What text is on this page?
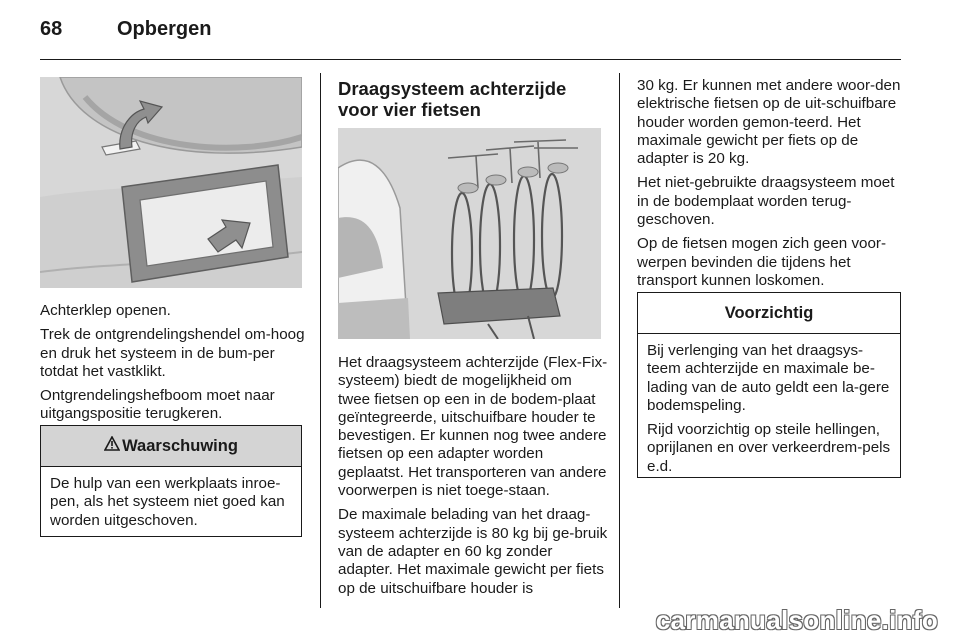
68	Opbergen

Achterklep openen.

Trek de ontgrendelingshendel om-hoog en druk het systeem in de bum-per totdat het vastklikt.

Ontgrendelingshefboom moet naar uitgangspositie terugkeren.

Waarschuwing

De hulp van een werkplaats inroe-pen, als het systeem niet goed kan worden uitgeschoven.

Draagsysteem achterzijde voor vier fietsen

Het draagsysteem achterzijde (Flex-Fix-systeem) biedt de mogelijkheid om twee fietsen op een in de bodem-plaat geïntegreerde, uitschuifbare houder te bevestigen. Er kunnen nog twee andere fietsen op een adapter worden geplaatst. Het transporteren van andere voorwerpen is niet toege-staan.

De maximale belading van het draag-systeem achterzijde is 80 kg bij ge-bruik van de adapter en 60 kg zonder adapter. Het maximale gewicht per fiets op de uitschuifbare houder is

30 kg. Er kunnen met andere woor-den elektrische fietsen op de uit-schuifbare houder worden gemon-teerd. Het maximale gewicht per fiets op de adapter is 20 kg.

Het niet-gebruikte draagsysteem moet in de bodemplaat worden terug-geschoven.

Op de fietsen mogen zich geen voor-werpen bevinden die tijdens het transport kunnen loskomen.

Voorzichtig

Bij verlenging van het draagsys-teem achterzijde en maximale be-lading van de auto geldt een la-gere bodemspeling.

Rijd voorzichtig op steile hellingen, oprijlanen en over verkeerdrem-pels e.d.

carmanualsonline.info
